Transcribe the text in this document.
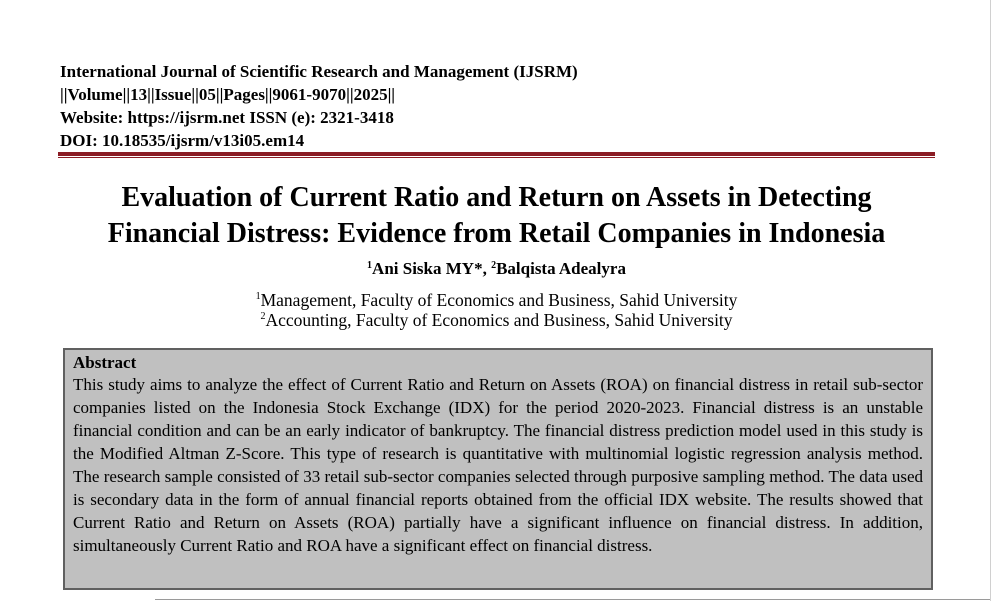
International Journal of Scientific Research and Management (IJSRM)
||Volume||13||Issue||05||Pages||9061-9070||2025||
Website: https://ijsrm.net ISSN (e): 2321-3418
DOI: 10.18535/ijsrm/v13i05.em14
Evaluation of Current Ratio and Return on Assets in Detecting
Financial Distress: Evidence from Retail Companies in Indonesia
$^1$Ani Siska MY*, $^2$Balqista Adealyra
$^1$Management, Faculty of Economics and Business, Sahid University
$^2$Accounting, Faculty of Economics and Business, Sahid University
Abstract

This study aims to analyze the effect of Current Ratio and Return on Assets (ROA) on financial distress in retail sub-sector companies listed on the Indonesia Stock Exchange (IDX) for the period 2020-2023. Financial distress is an unstable financial condition and can be an early indicator of bankruptcy. The financial distress prediction model used in this study is the Modified Altman Z-Score. This type of research is quantitative with multinomial logistic regression analysis method. The research sample consisted of 33 retail sub-sector companies selected through purposive sampling method. The data used is secondary data in the form of annual financial reports obtained from the official IDX website. The results showed that Current Ratio and Return on Assets (ROA) partially have a significant influence on financial distress. In addition, simultaneously Current Ratio and ROA have a significant effect on financial distress.
